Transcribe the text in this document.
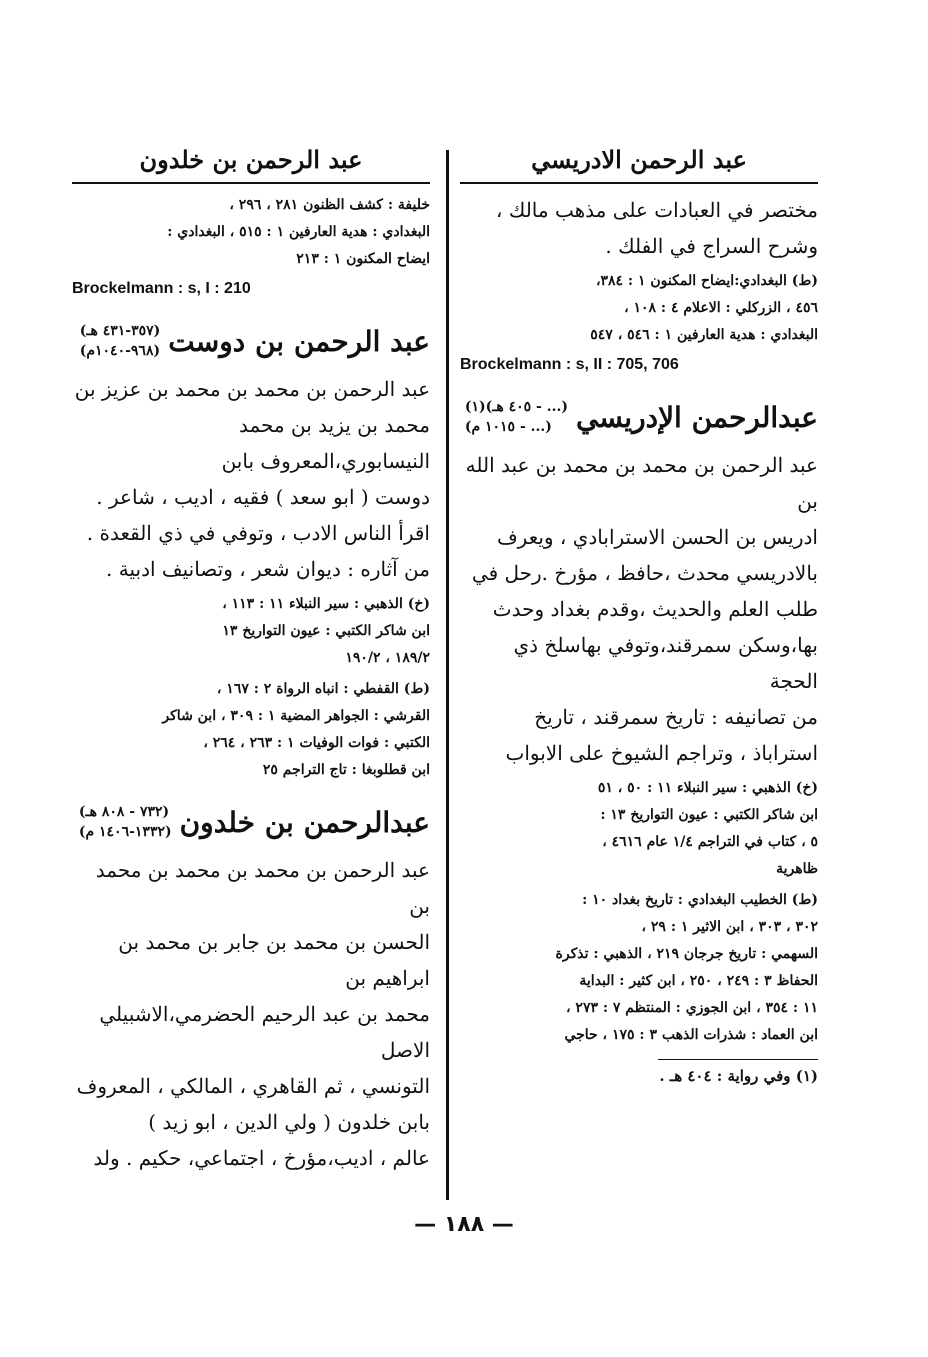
عبد الرحمن الادريسي

مختصر في العبادات على مذهب مالك ،

وشرح السراج في الفلك .

(ط) البغدادي:ايضاح المكنون ١ : ٣٨٤،
٤٥٦ ، الزركلي : الاعلام ٤ : ١٠٨ ،
البغدادي : هدية العارفين ١ : ٥٤٦ ، ٥٤٧
Brockelmann : s, II : 705, 706
عبدالرحمن الإدريسي
(... - ٤٠٥ هـ)(١)
(... - ١٠١٥ م)

عبد الرحمن بن محمد بن محمد بن عبد الله بن

ادريس بن الحسن الاسترابادي ، ويعرف

بالادريسي محدث ،حافظ ، مؤرخ .رحل في

طلب العلم والحديث ،وقدم بغداد وحدث

بها،وسكن سمرقند،وتوفي بهاسلخ ذي الحجة

من تصانيفه : تاريخ سمرقند ، تاريخ

استراباذ ، وتراجم الشيوخ على الابواب

(خ) الذهبي : سير النبلاء ١١ : ٥٠ ، ٥١
ابن شاكر الكتبي : عيون التواريخ ١٣ :
٥ ، كتاب في التراجم ١/٤ عام ٤٦١٦ ،
ظاهرية
(ط) الخطيب البغدادي : تاريخ بغداد ١٠ :
٣٠٢ ، ٣٠٣ ، ابن الاثير ١ : ٢٩ ،
السهمي : تاريخ جرجان ٢١٩ ، الذهبي : تذكرة
الحفاظ ٣ : ٢٤٩ ، ٢٥٠ ، ابن كثير : البداية
١١ : ٣٥٤ ، ابن الجوزي : المنتظم ٧ : ٢٧٣ ،
ابن العماد : شذرات الذهب ٣ : ١٧٥ ، حاجي
(١) وفي رواية : ٤٠٤ هـ .
عبد الرحمن بن خلدون
خليفة : كشف الظنون ٢٨١ ، ٢٩٦ ،
البغدادي : هدية العارفين ١ : ٥١٥ ، البغدادي :
ايضاح المكنون ١ : ٢١٣
Brockelmann : s, I : 210
عبد الرحمن بن دوست
(٣٥٧-٤٣١ هـ)
(٩٦٨-١٠٤٠م)

عبد الرحمن بن محمد بن محمد بن عزيز بن

محمد بن يزيد بن محمد النيسابوري،المعروف بابن

دوست ( ابو سعد ) فقيه ، اديب ، شاعر .

اقرأ الناس الادب ، وتوفي في ذي القعدة .

من آثاره : ديوان شعر ، وتصانيف ادبية .

(خ) الذهبي : سير النبلاء ١١ : ١١٣ ،
ابن شاكر الكتبي : عيون التواريخ ١٣
١٨٩/٢ ، ١٩٠/٢
(ط) القفطي : انباه الرواة ٢ : ١٦٧ ،
القرشي : الجواهر المضية ١ : ٣٠٩ ، ابن شاكر
الكتبي : فوات الوفيات ١ : ٢٦٣ ، ٢٦٤ ،
ابن قطلوبغا : تاج التراجم ٢٥
عبدالرحمن بن خلدون
(٧٣٢ - ٨٠٨ هـ)
(١٣٣٢-١٤٠٦ م)

عبد الرحمن بن محمد بن محمد بن محمد بن

الحسن بن محمد بن جابر بن محمد بن ابراهيم بن

محمد بن عبد الرحيم الحضرمي،الاشبيلي الاصل

التونسي ، ثم القاهري ، المالكي ، المعروف

بابن خلدون ( ولي الدين ، ابو زيد )

عالم ، اديب،مؤرخ ، اجتماعي، حكيم . ولد

— ١٨٨ —
